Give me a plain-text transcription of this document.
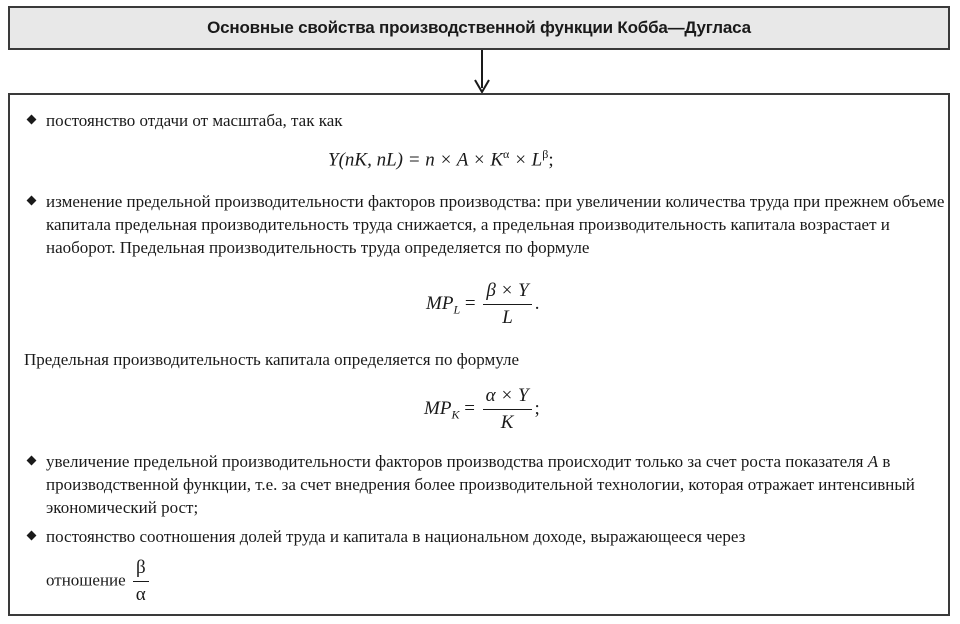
Основные свойства производственной функции Кобба—Дугласа
постоянство отдачи от масштаба, так как
Y(nK, $nL) = n \times A \times K^\alpha \times L^\beta$;
изменение предельной производительности факторов производства: при увеличении количества труда при прежнем объеме капитала предельная производительность труда снижается, а предельная производительность капитала возрастает и наоборот. Предельная производительность труда определяется по формуле
$MP_L = \frac{\beta \times Y}{L}$ .
Предельная производительность капитала определяется по формуле
$MP_K = \frac{\alpha \times Y}{K}$ ;
увеличение предельной производительности факторов производства происходит только за счет роста показателя A в производственной функции, т.е. за счет внедрения более производительной технологии, которая отражает интенсивный экономический рост;
постоянство соотношения долей труда и капитала в национальном доходе, выражающееся через
отношение $\frac{\beta}{\alpha}$
